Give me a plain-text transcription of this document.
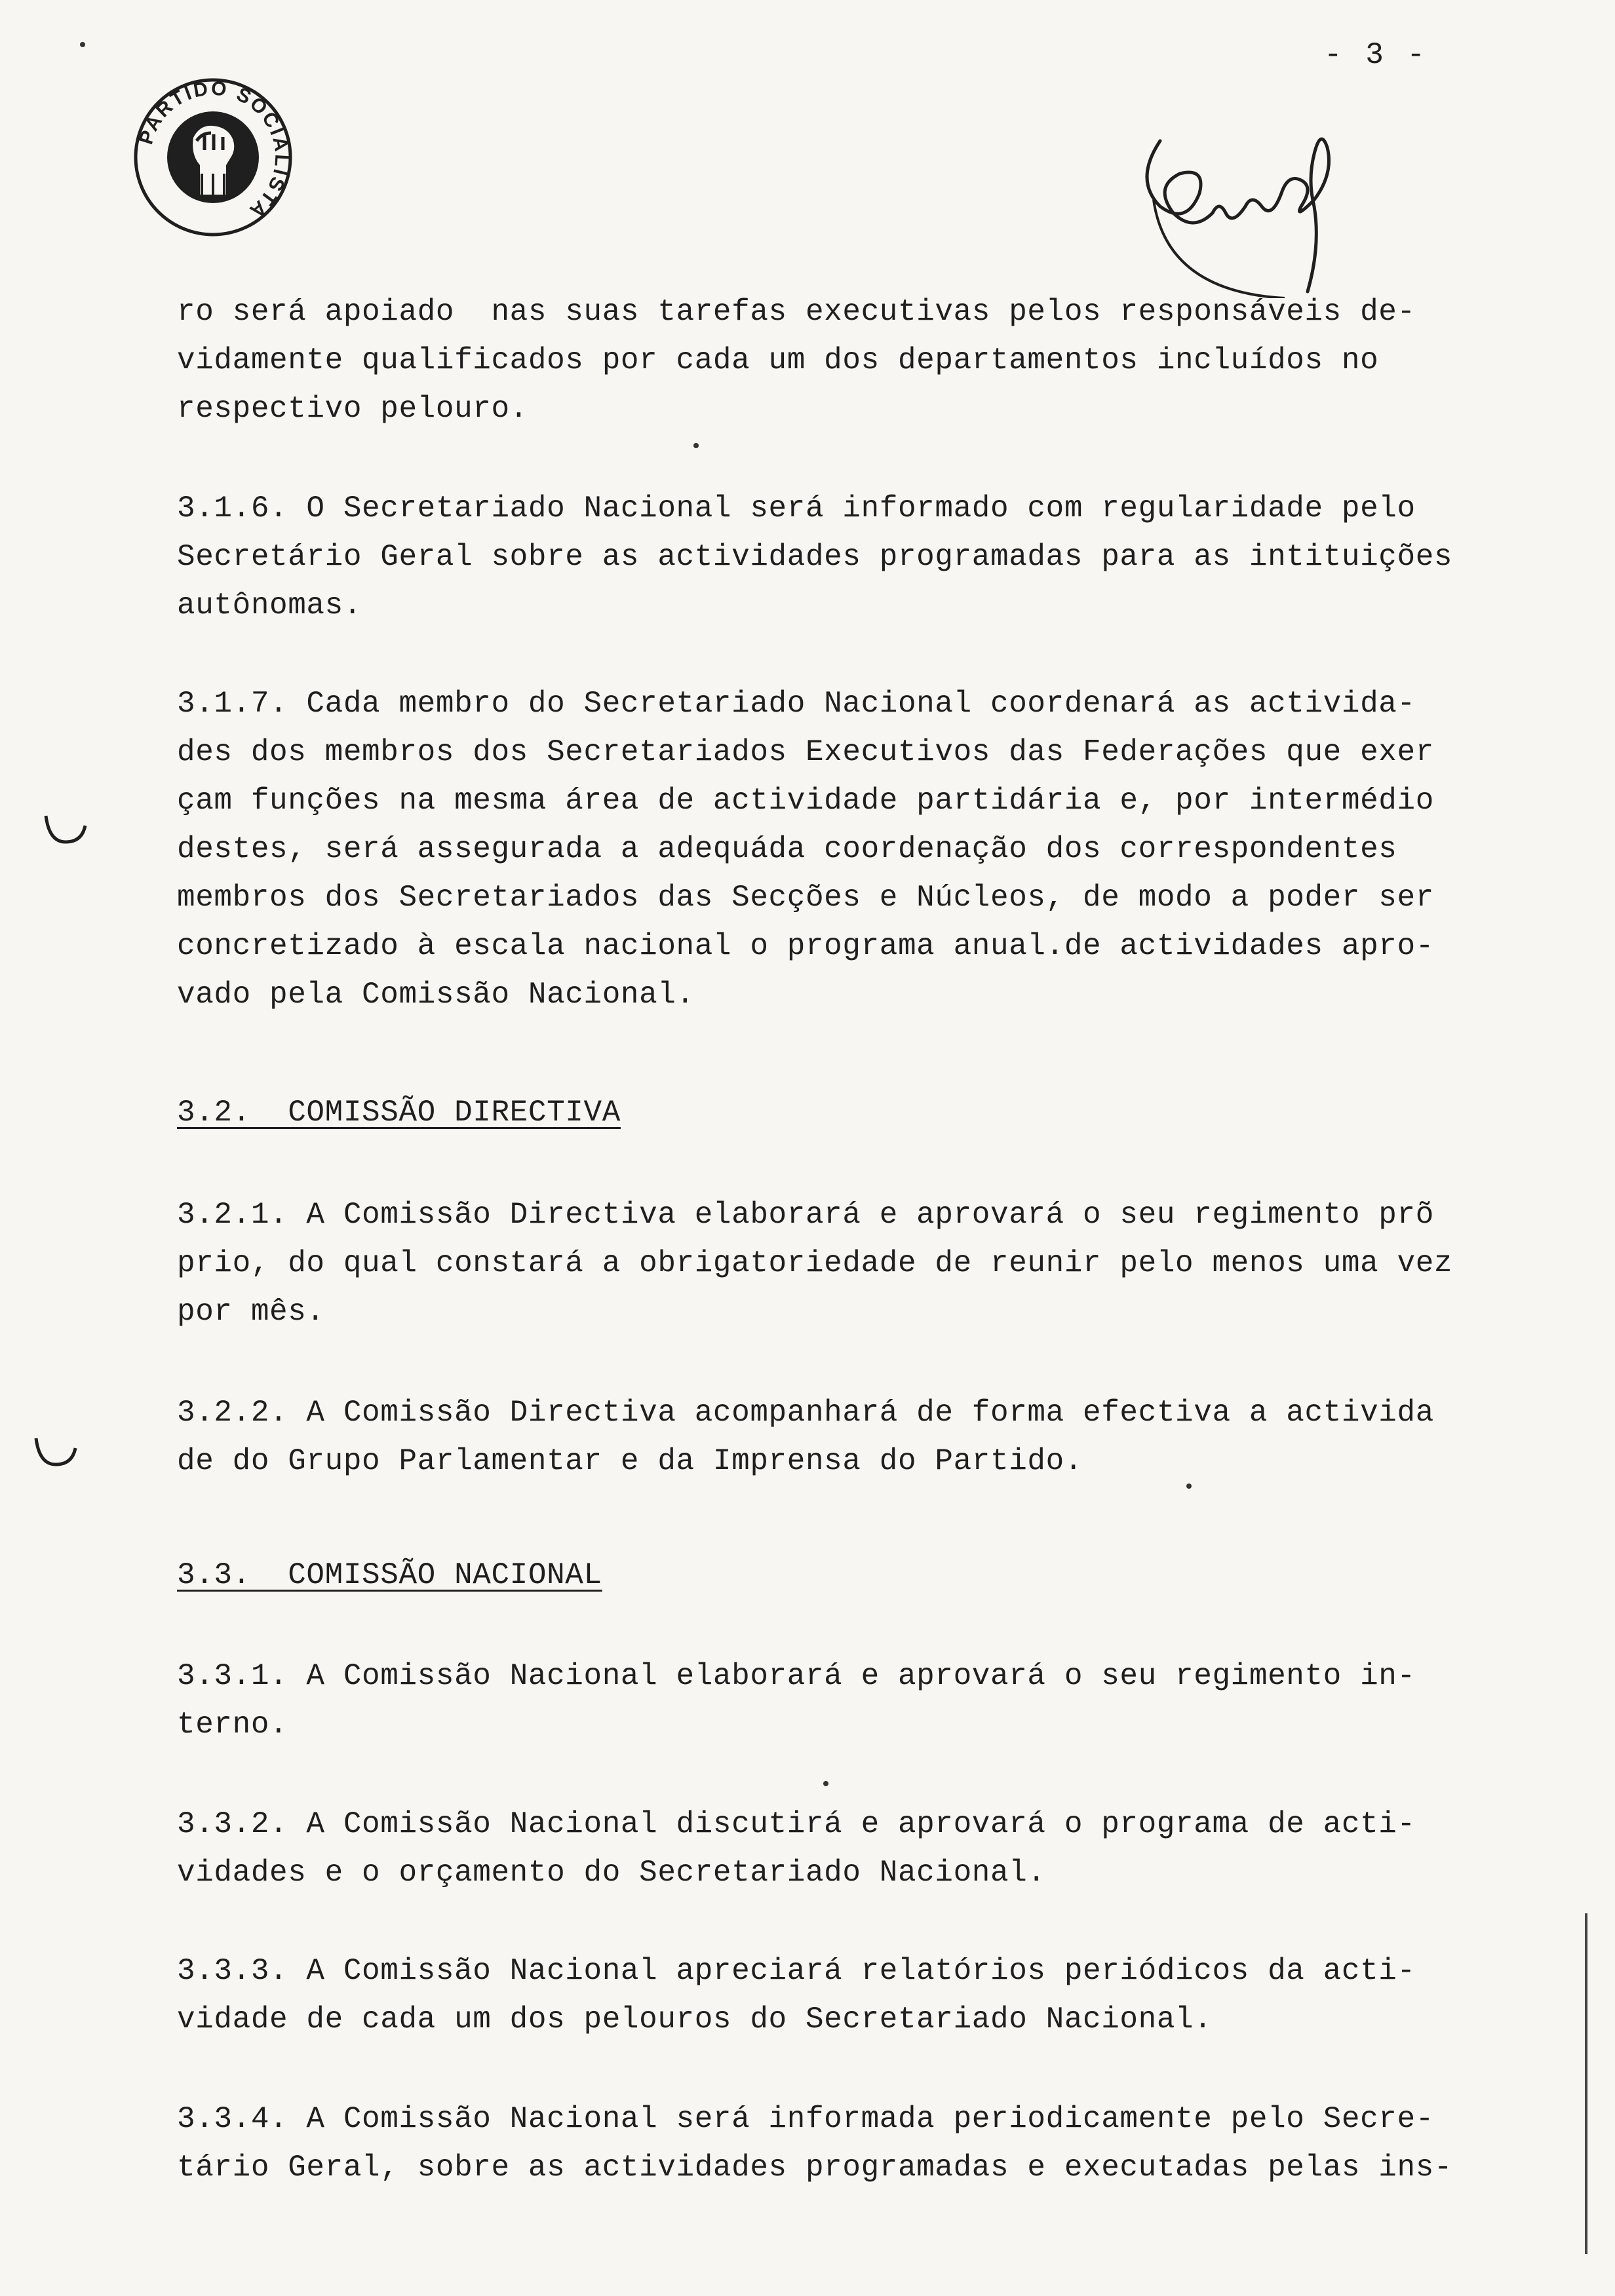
- 3 -
PARTIDO SOCIALISTA
ro será apoiado  nas suas tarefas executivas pelos responsáveis de-
vidamente qualificados por cada um dos departamentos incluídos no
respectivo pelouro.
3.1.6. O Secretariado Nacional será informado com regularidade pelo
Secretário Geral sobre as actividades programadas para as intituições
autônomas.
3.1.7. Cada membro do Secretariado Nacional coordenará as activida-
des dos membros dos Secretariados Executivos das Federações que exer
çam funções na mesma área de actividade partidária e, por intermédio
destes, será assegurada a adequáda coordenação dos correspondentes
membros dos Secretariados das Secções e Núcleos, de modo a poder ser
concretizado à escala nacional o programa anual.de actividades apro-
vado pela Comissão Nacional.
3.2.  COMISSÃO DIRECTIVA
3.2.1. A Comissão Directiva elaborará e aprovará o seu regimento prõ
prio, do qual constará a obrigatoriedade de reunir pelo menos uma vez
por mês.
3.2.2. A Comissão Directiva acompanhará de forma efectiva a activida
de do Grupo Parlamentar e da Imprensa do Partido.
3.3.  COMISSÃO NACIONAL
3.3.1. A Comissão Nacional elaborará e aprovará o seu regimento in-
terno.
3.3.2. A Comissão Nacional discutirá e aprovará o programa de acti-
vidades e o orçamento do Secretariado Nacional.
3.3.3. A Comissão Nacional apreciará relatórios periódicos da acti-
vidade de cada um dos pelouros do Secretariado Nacional.
3.3.4. A Comissão Nacional será informada periodicamente pelo Secre-
tário Geral, sobre as actividades programadas e executadas pelas ins-
